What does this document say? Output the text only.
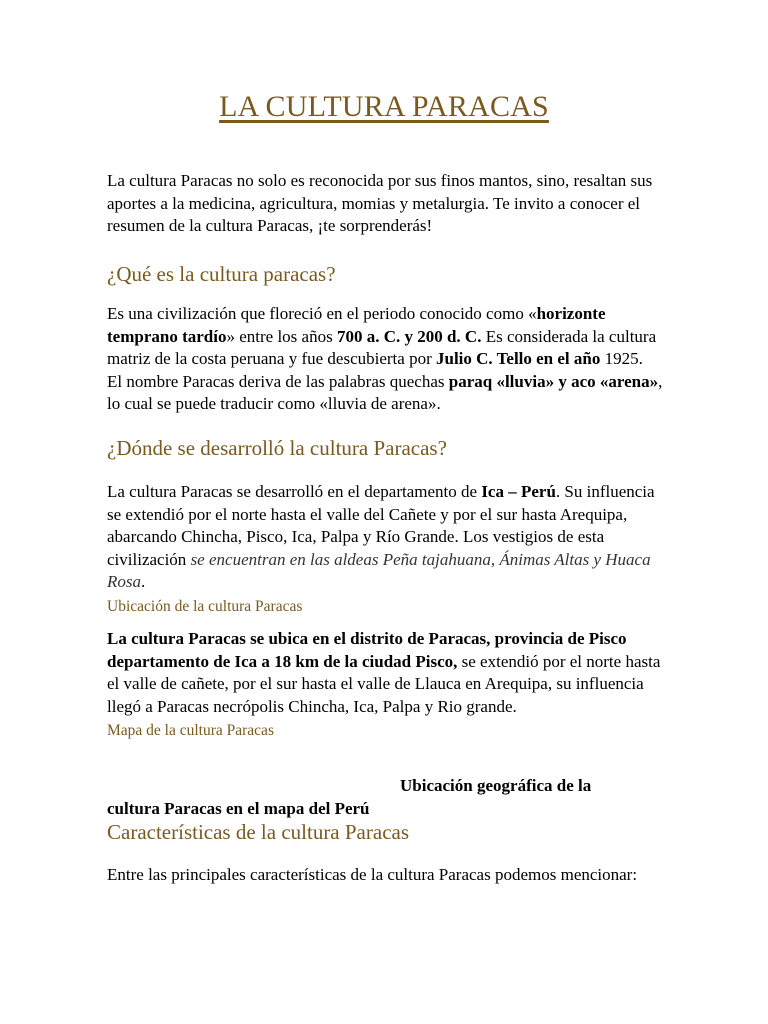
LA CULTURA PARACAS

La cultura Paracas no solo es reconocida por sus finos mantos, sino, resaltan sus aportes a la medicina, agricultura, momias y metalurgia. Te invito a conocer el resumen de la cultura Paracas, ¡te sorprenderás!

¿Qué es la cultura paracas?

Es una civilización que floreció en el periodo conocido como «horizonte temprano tardío» entre los años 700 a. C. y 200 d. C. Es considerada la cultura matriz de la costa peruana y fue descubierta por Julio C. Tello en el año 1925.

El nombre Paracas deriva de las palabras quechas paraq «lluvia» y aco «arena», lo cual se puede traducir como «lluvia de arena».

¿Dónde se desarrolló la cultura Paracas?

La cultura Paracas se desarrolló en el departamento de Ica – Perú. Su influencia se extendió por el norte hasta el valle del Cañete y por el sur hasta Arequipa, abarcando Chincha, Pisco, Ica, Palpa y Río Grande. Los vestigios de esta civilización se encuentran en las aldeas Peña tajahuana, Ánimas Altas y Huaca Rosa.

Ubicación de la cultura Paracas

La cultura Paracas se ubica en el distrito de Paracas, provincia de Pisco departamento de Ica a 18 km de la ciudad Pisco, se extendió por el norte hasta el valle de cañete, por el sur hasta el valle de Llauca en Arequipa, su influencia llegó a Paracas necrópolis Chincha, Ica, Palpa y Rio grande.

Mapa de la cultura Paracas

Ubicación geográfica de la

cultura Paracas en el mapa del Perú

Características de la cultura Paracas

Entre las principales características de la cultura Paracas podemos mencionar:
